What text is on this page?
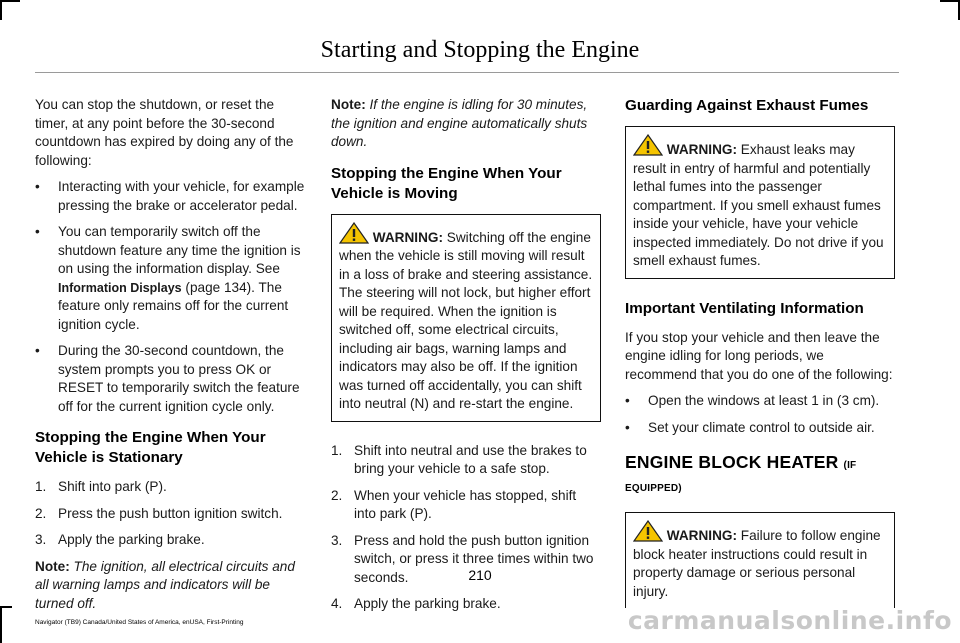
Starting and Stopping the Engine

You can stop the shutdown, or reset the timer, at any point before the 30-second countdown has expired by doing any of the following:

• Interacting with your vehicle, for example pressing the brake or accelerator pedal.
• You can temporarily switch off the shutdown feature any time the ignition is on using the information display. See Information Displays (page 134). The feature only remains off for the current ignition cycle.
• During the 30-second countdown, the system prompts you to press OK or RESET to temporarily switch the feature off for the current ignition cycle only.
Stopping the Engine When Your Vehicle is Stationary
1. Shift into park (P).
2. Press the push button ignition switch.
3. Apply the parking brake.

Note: The ignition, all electrical circuits and all warning lamps and indicators will be turned off.

Note: If the engine is idling for 30 minutes, the ignition and engine automatically shuts down.

Stopping the Engine When Your Vehicle is Moving
WARNING: Switching off the engine when the vehicle is still moving will result in a loss of brake and steering assistance. The steering will not lock, but higher effort will be required. When the ignition is switched off, some electrical circuits, including air bags, warning lamps and indicators may also be off. If the ignition was turned off accidentally, you can shift into neutral (N) and re-start the engine.
1. Shift into neutral and use the brakes to bring your vehicle to a safe stop.
2. When your vehicle has stopped, shift into park (P).
3. Press and hold the push button ignition switch, or press it three times within two seconds.
4. Apply the parking brake.
Guarding Against Exhaust Fumes
WARNING: Exhaust leaks may result in entry of harmful and potentially lethal fumes into the passenger compartment. If you smell exhaust fumes inside your vehicle, have your vehicle inspected immediately. Do not drive if you smell exhaust fumes.
Important Ventilating Information

If you stop your vehicle and then leave the engine idling for long periods, we recommend that you do one of the following:

• Open the windows at least 1 in (3 cm).
• Set your climate control to outside air.
ENGINE BLOCK HEATER (IF EQUIPPED)
WARNING: Failure to follow engine block heater instructions could result in property damage or serious personal injury.
210
Navigator (TB9) Canada/United States of America, enUSA, First-Printing	carmanualsonline.info
